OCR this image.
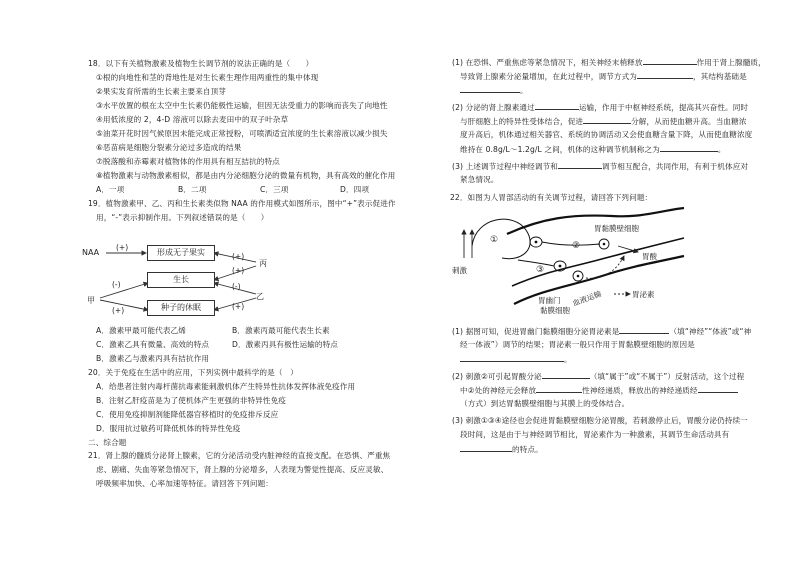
18．以下有关植物激素及植物生长调节剂的说法正确的是（　　）
①根的向地性和茎的背地性是对生长素生理作用两重性的集中体现
②果实发育所需的生长素主要来自顶芽
③水平放置的根在太空中生长素仍能极性运输，但因无法受重力的影响而丧失了向地性
④用低浓度的 2，4-D 溶液可以除去麦田中的双子叶杂草
⑤油菜开花时因气候原因未能完成正常授粉，可喷洒适宜浓度的生长素溶液以减少损失
⑥恶苗病是细胞分裂素分泌过多造成的结果
⑦脱落酸和赤霉素对植物体的作用具有相互拮抗的特点
⑧植物激素与动物激素相似，都是由内分泌细胞分泌的微量有机物，具有高效的催化作用
A．一项	B．二项	C．三项	D．四项
19．植物激素甲、乙、丙和生长素类似物 NAA 的作用模式如图所示，图中“+”表示促进作
用，“-”表示抑制作用。下列叙述错误的是（　　）
NAA
(+)
形成无子果实
生长
种子的休眠
(+)
丙
(+)
(-)
乙
(+)
(-)
甲
(+)
A．激素甲最可能代表乙烯	B．激素丙最可能代表生长素
C．激素乙具有微量、高效的特点	D．激素丙具有极性运输的特点
B．激素乙与激素丙具有拮抗作用
20．关于免疫在生活中的应用，下列实例中最科学的是（　）
A．给患者注射内毒杆菌抗毒素能刺激机体产生特异性抗体发挥体液免疫作用
B．注射乙肝疫苗是为了使机体产生更强的非特异性免疫
C．使用免疫抑制剂能降低器官移植时的免疫排斥反应
D．服用抗过敏药可降低机体的特异性免疫
二、综合题
21．肾上腺的髓质分泌肾上腺素，它的分泌活动受内脏神经的直接支配。在恐惧、严重焦
虑、剧痛、失血等紧急情况下，肾上腺的分泌增多，人表现为警觉性提高、反应灵敏、
呼吸频率加快、心率加速等特征。请回答下列问题：
(1) 在恐惧、严重焦虑等紧急情况下，相关神经末梢释放	作用于肾上腺髓质，
导致肾上腺素分泌量增加，在此过程中，调节方式为	，其结构基础是
。
(2) 分泌的肾上腺素通过	运输，作用于中枢神经系统，提高其兴奋性。同时
与肝细胞上的特异性受体结合，促进	分解，从而使血糖升高。当血糖浓
度升高后，机体通过相关器官、系统的协调活动又会使血糖含量下降，从而使血糖浓度
维持在 0.8g/L～1.2g/L 之间，机体的这种调节机制称之为	。
(3) 上述调节过程中神经调节和	调节相互配合，共同作用，有利于机体应对
紧急情况。
22．如图为人胃部活动的有关调节过程，请回答下列问题：
①
②
③
胃黏膜壁细胞
胃酸
刺激
胃幽门
黏膜细胞
血液运输	胃泌素
(1) 据图可知，促进胃幽门黏膜细胞分泌胃泌素是	（填“神经”“体液”或“神
经一体液”）调节的结果；胃泌素一般只作用于胃黏膜壁细胞的原因是
。
(2) 刺激②可引起胃酸分泌	（填“属于”或“不属于”）反射活动，这个过程
中②处的神经元会释放	性神经递质，释放出的神经递质经
（方式）到达胃黏膜壁细胞与其膜上的受体结合。
(3) 刺激①③④途径也会促进胃黏膜壁细胞分泌胃酸，若刺激停止后，胃酸分泌仍持续一
段时间，这是由于与神经调节相比，胃泌素作为一种激素，其调节生命活动具有
的特点。
